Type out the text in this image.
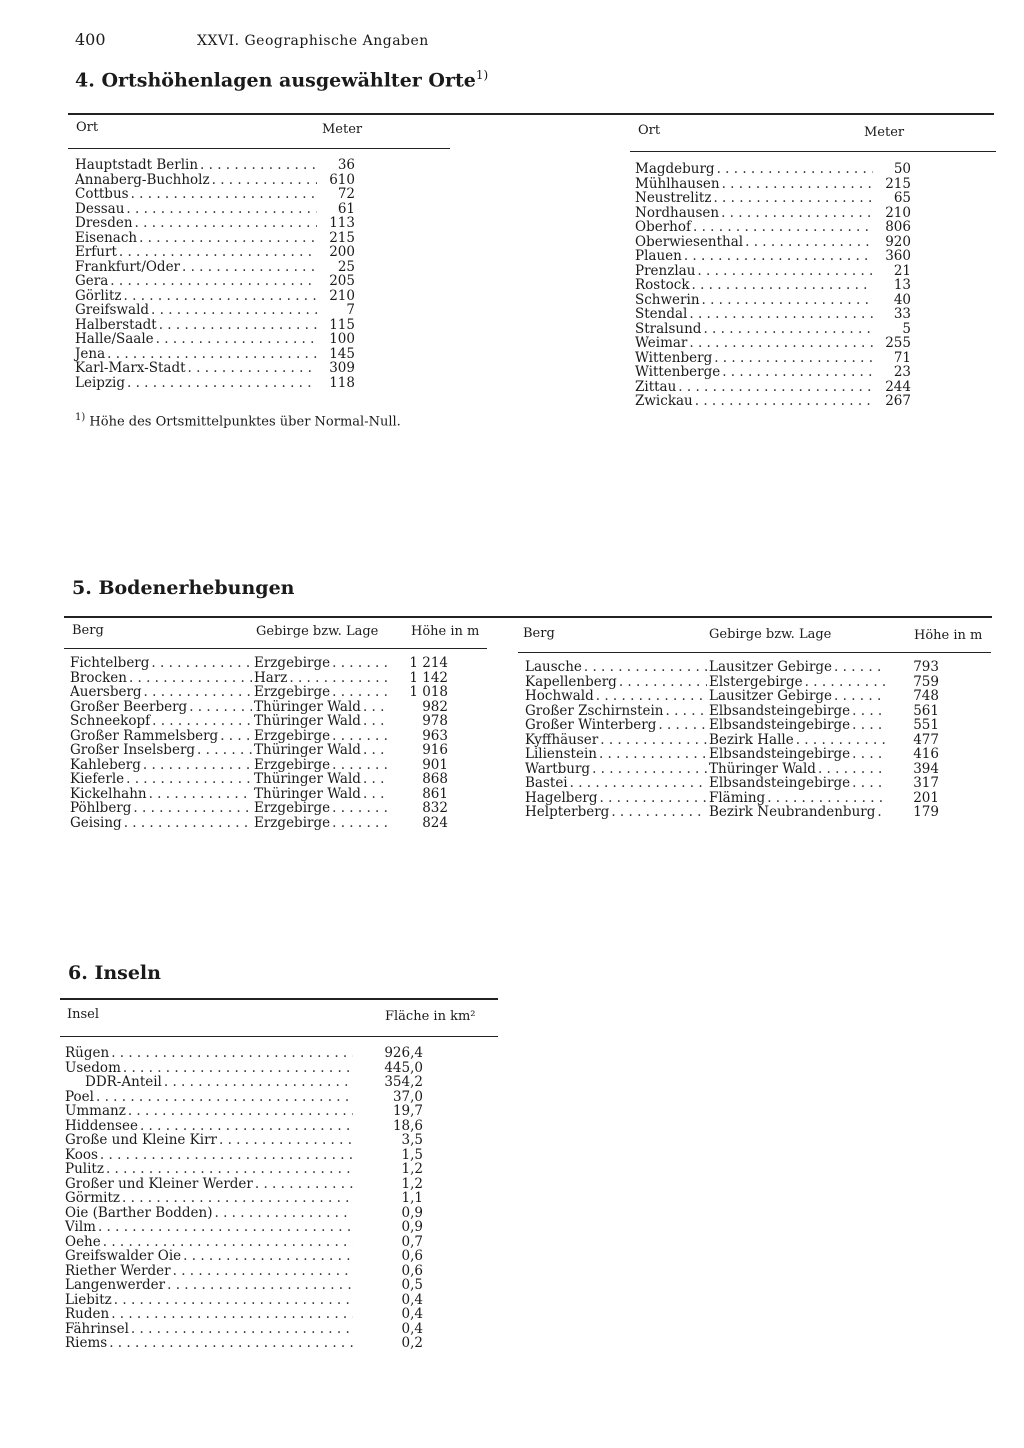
400	XXVI. Geographische Angaben
4. Ortshöhenlagen ausgewählter Orte$^{1)}$
Ort	Meter	Ort	Meter
Hauptstadt Berlin . . .	36
Annaberg-Buchholz . . .	610
Cottbus . . .	72
Dessau . . .	61
Dresden . . .	113
Eisenach . . .	215
Erfurt . . .	200
Frankfurt/Oder . . .	25
Gera . . .	205
Görlitz . . .	210
Greifswald . . .	7
Halberstadt . . .	115
Halle/Saale . . .	100
Jena . . .	145
Karl-Marx-Stadt . . .	309
Leipzig . . .	118
Magdeburg . . .	50
Mühlhausen . . .	215
Neustrelitz . . .	65
Nordhausen . . .	210
Oberhof . . .	806
Oberwiesenthal . . .	920
Plauen . . .	360
Prenzlau . . .	21
Rostock . . .	13
Schwerin . . .	40
Stendal . . .	33
Stralsund . . .	5
Weimar . . .	255
Wittenberg . . .	71
Wittenberge . . .	23
Zittau . . .	244
Zwickau . . .	267
$^{1)}$ Höhe des Ortsmittelpunktes über Normal-Null.
5. Bodenerhebungen
Berg	Gebirge bzw. Lage	Höhe in m	Berg	Gebirge bzw. Lage	Höhe in m
Fichtelberg . . .	Erzgebirge . . .	1 214
Brocken . . .	Harz . . .	1 142
Auersberg . . .	Erzgebirge . . .	1 018
Großer Beerberg . . .	Thüringer Wald . . .	982
Schneekopf . . .	Thüringer Wald . . .	978
Großer Rammelsberg . . .	Erzgebirge . . .	963
Großer Inselsberg . . .	Thüringer Wald . . .	916
Kahleberg . . .	Erzgebirge . . .	901
Kieferle . . .	Thüringer Wald . . .	868
Kickelhahn . . .	Thüringer Wald . . .	861
Pöhlberg . . .	Erzgebirge . . .	832
Geising . . .	Erzgebirge . . .	824
Lausche . . .	Lausitzer Gebirge . . .	793
Kapellenberg . . .	Elstergebirge . . .	759
Hochwald . . .	Lausitzer Gebirge . . .	748
Großer Zschirnstein . . .	Elbsandsteingebirge . . .	561
Großer Winterberg . . .	Elbsandsteingebirge . . .	551
Kyffhäuser . . .	Bezirk Halle . . .	477
Lilienstein . . .	Elbsandsteingebirge . . .	416
Wartburg . . .	Thüringer Wald . . .	394
Bastei . . .	Elbsandsteingebirge . . .	317
Hagelberg . . .	Fläming . . .	201
Helpterberg . . .	Bezirk Neubrandenburg . . .	179
6. Inseln
Insel	Fläche in km²
Rügen . . .	926,4
Usedom . . .	445,0
DDR-Anteil . . .	354,2
Poel . . .	37,0
Ummanz . . .	19,7
Hiddensee . . .	18,6
Große und Kleine Kirr . . .	3,5
Koos . . .	1,5
Pulitz . . .	1,2
Großer und Kleiner Werder . . .	1,2
Görmitz . . .	1,1
Oie (Barther Bodden) . . .	0,9
Vilm . . .	0,9
Oehe . . .	0,7
Greifswalder Oie . . .	0,6
Riether Werder . . .	0,6
Langenwerder . . .	0,5
Liebitz . . .	0,4
Ruden . . .	0,4
Fährinsel . . .	0,4
Riems . . .	0,2
